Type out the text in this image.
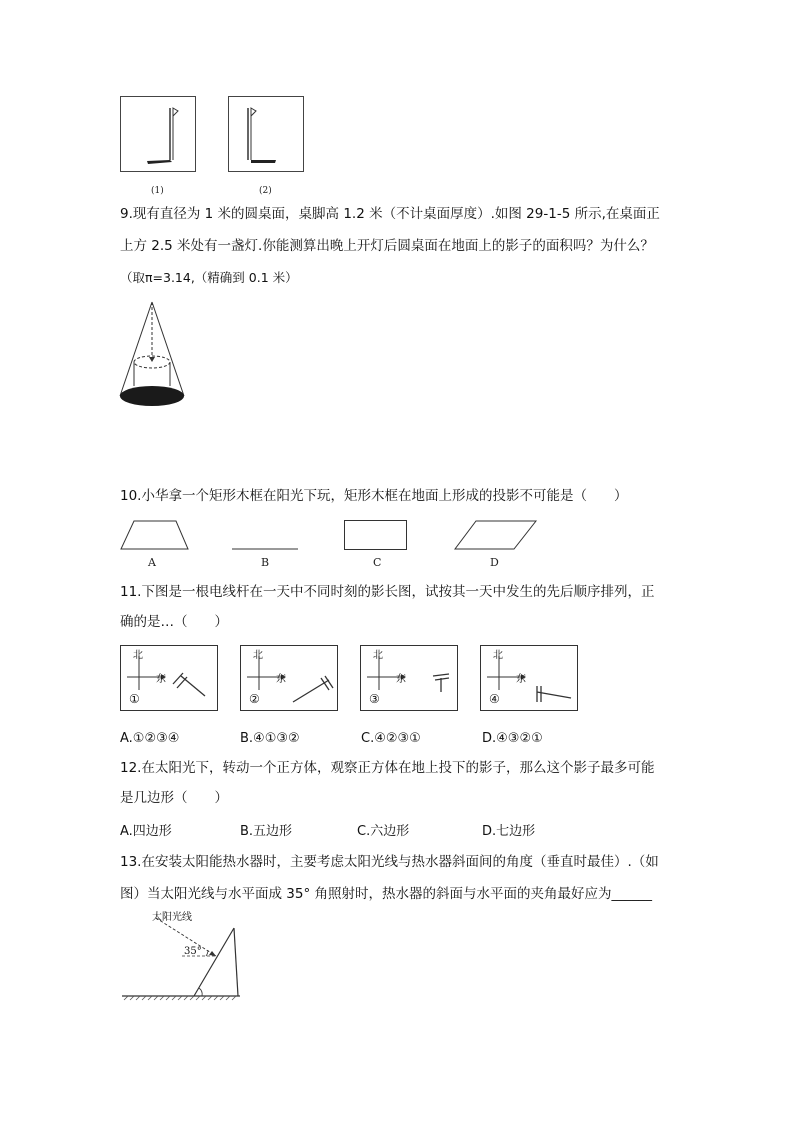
(1)	(2)
9.现有直径为 1 米的圆桌面，桌脚高 1.2 米（不计桌面厚度）.如图 29-1-5 所示,在桌面正
上方 2.5 米处有一盏灯.你能测算出晚上开灯后圆桌面在地面上的影子的面积吗？为什么？
（取π=3.14,（精确到 0.1 米）
10.小华拿一个矩形木框在阳光下玩，矩形木框在地面上形成的投影不可能是（　　）
A	B	C	D
11.下图是一根电线杆在一天中不同时刻的影长图，试按其一天中发生的先后顺序排列，正
确的是…（　　）
北
东
①
北
东
②
北
东
③
北
东
④
A.①②③④	B.④①③②	C.④②③①	D.④③②①
12.在太阳光下，转动一个正方体，观察正方体在地上投下的影子，那么这个影子最多可能
是几边形（　　）
A.四边形	B.五边形	C.六边形	D.七边形
13.在安装太阳能热水器时，主要考虑太阳光线与热水器斜面间的角度（垂直时最佳）.（如
图）当太阳光线与水平面成 35° 角照射时，热水器的斜面与水平面的夹角最好应为______
太阳光线
35°
